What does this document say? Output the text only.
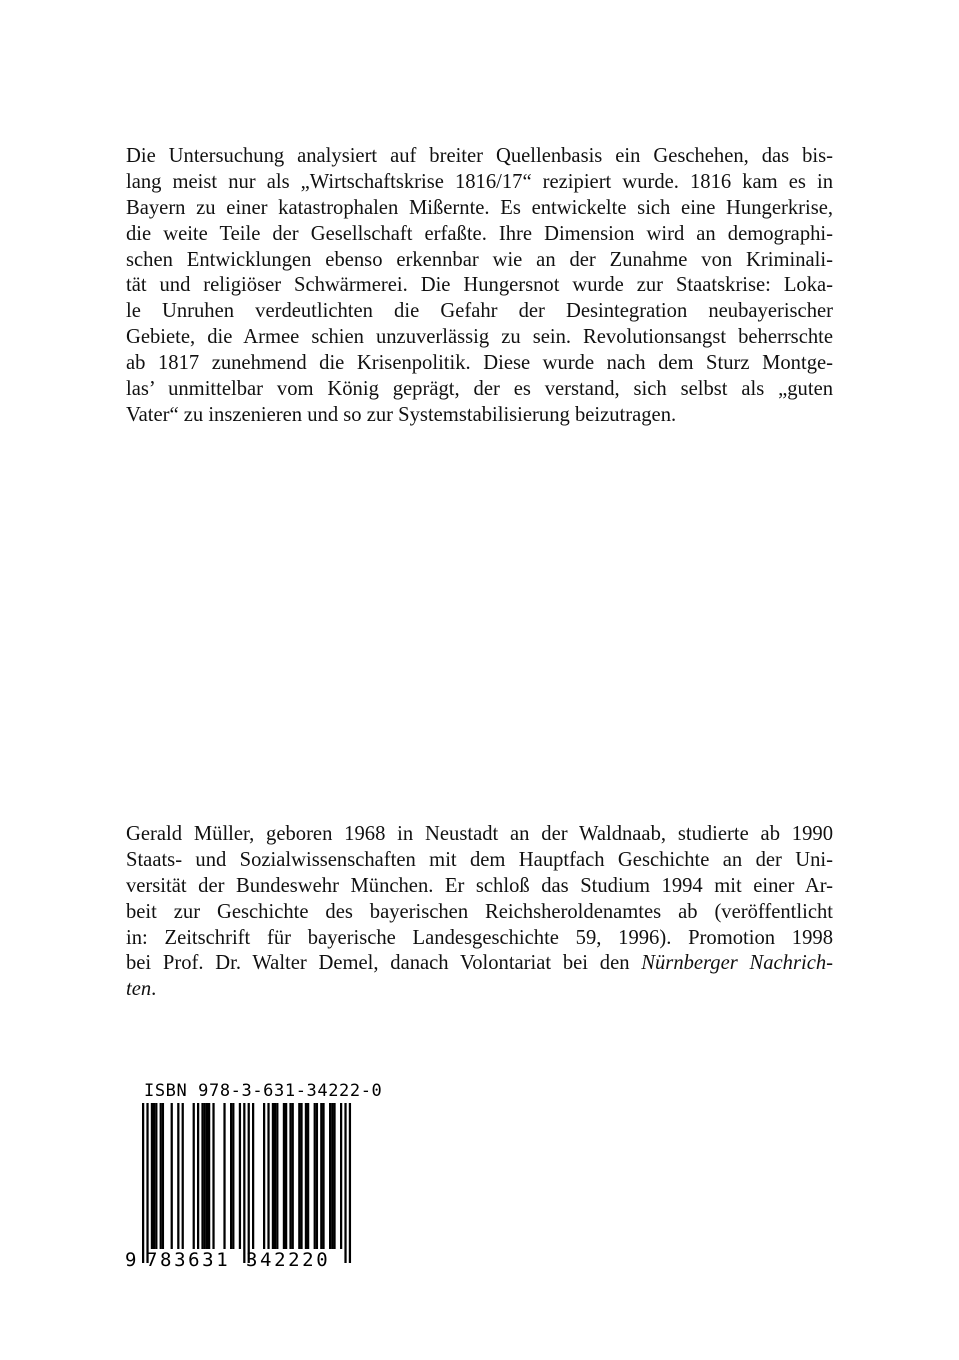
Die Untersuchung analysiert auf breiter Quellenbasis ein Geschehen, das bis-
lang meist nur als „Wirtschaftskrise 1816/17“ rezipiert wurde. 1816 kam es in
Bayern zu einer katastrophalen Mißernte. Es entwickelte sich eine Hungerkrise,
die weite Teile der Gesellschaft erfaßte. Ihre Dimension wird an demographi-
schen Entwicklungen ebenso erkennbar wie an der Zunahme von Kriminali-
tät und religiöser Schwärmerei. Die Hungersnot wurde zur Staatskrise: Loka-
le Unruhen verdeutlichten die Gefahr der Desintegration neubayerischer
Gebiete, die Armee schien unzuverlässig zu sein. Revolutionsangst beherrschte
ab 1817 zunehmend die Krisenpolitik. Diese wurde nach dem Sturz Montge-
las’ unmittelbar vom König geprägt, der es verstand, sich selbst als „guten
Vater“ zu inszenieren und so zur Systemstabilisierung beizutragen.
Gerald Müller, geboren 1968 in Neustadt an der Waldnaab, studierte ab 1990
Staats- und Sozialwissenschaften mit dem Hauptfach Geschichte an der Uni-
versität der Bundeswehr München. Er schloß das Studium 1994 mit einer Ar-
beit zur Geschichte des bayerischen Reichsheroldenamtes ab (veröffentlicht
in: Zeitschrift für bayerische Landesgeschichte 59, 1996). Promotion 1998
bei Prof. Dr. Walter Demel, danach Volontariat bei den Nürnberger Nachrich-
ten.
ISBN 978-3-631-34222-0
9 783631 342220
